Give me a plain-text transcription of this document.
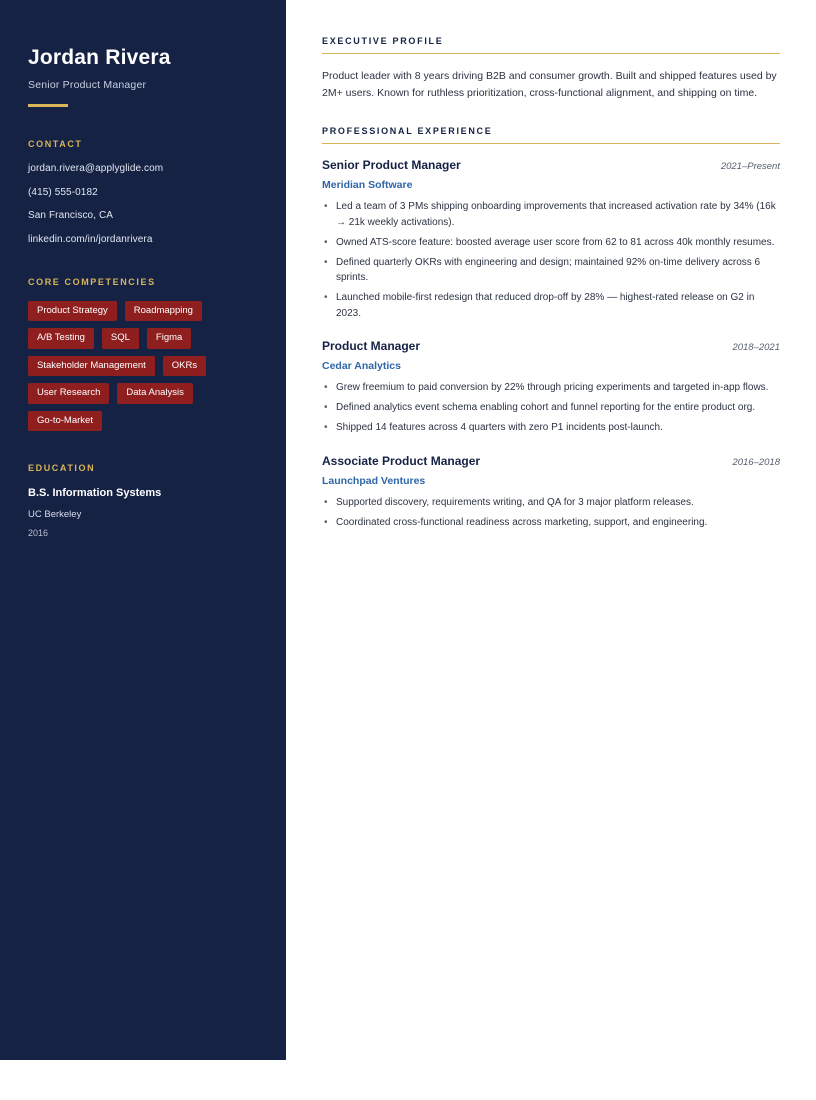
Jordan Rivera
Senior Product Manager
CONTACT
jordan.rivera@applyglide.com
(415) 555-0182
San Francisco, CA
linkedin.com/in/jordanrivera
CORE COMPETENCIES
Product Strategy	Roadmapping
A/B Testing	SQL	Figma
Stakeholder Management	OKRs
User Research	Data Analysis
Go-to-Market
EDUCATION
B.S. Information Systems
UC Berkeley
2016
EXECUTIVE PROFILE

Product leader with 8 years driving B2B and consumer growth. Built and shipped features used by 2M+ users. Known for ruthless prioritization, cross-functional alignment, and shipping on time.

PROFESSIONAL EXPERIENCE
Senior Product Manager	2021–Present
Meridian Software
• Led a team of 3 PMs shipping onboarding improvements that increased activation rate by 34% (16k → 21k weekly activations).
• Owned ATS-score feature: boosted average user score from 62 to 81 across 40k monthly resumes.
• Defined quarterly OKRs with engineering and design; maintained 92% on-time delivery across 6 sprints.
• Launched mobile-first redesign that reduced drop-off by 28% — highest-rated release on G2 in 2023.
Product Manager	2018–2021
Cedar Analytics
• Grew freemium to paid conversion by 22% through pricing experiments and targeted in-app flows.
• Defined analytics event schema enabling cohort and funnel reporting for the entire product org.
• Shipped 14 features across 4 quarters with zero P1 incidents post-launch.
Associate Product Manager	2016–2018
Launchpad Ventures
• Supported discovery, requirements writing, and QA for 3 major platform releases.
• Coordinated cross-functional readiness across marketing, support, and engineering.
